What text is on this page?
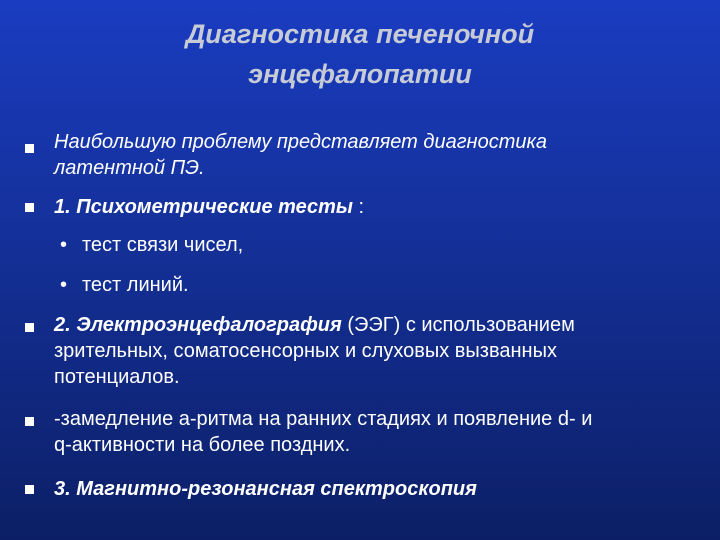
Диагностика печеночной
энцефалопатии
Наибольшую проблему представляет диагностика
латентной ПЭ.
1. Психометрические тесты :
• тест связи чисел,
• тест линий.
2. Электроэнцефалография (ЭЭГ) с использованием
зрительных, соматосенсорных и слуховых вызванных
потенциалов.
-замедление a-ритма на ранних стадиях и появление d- и
q-активности на более поздних.
3. Магнитно-резонансная спектроскопия
